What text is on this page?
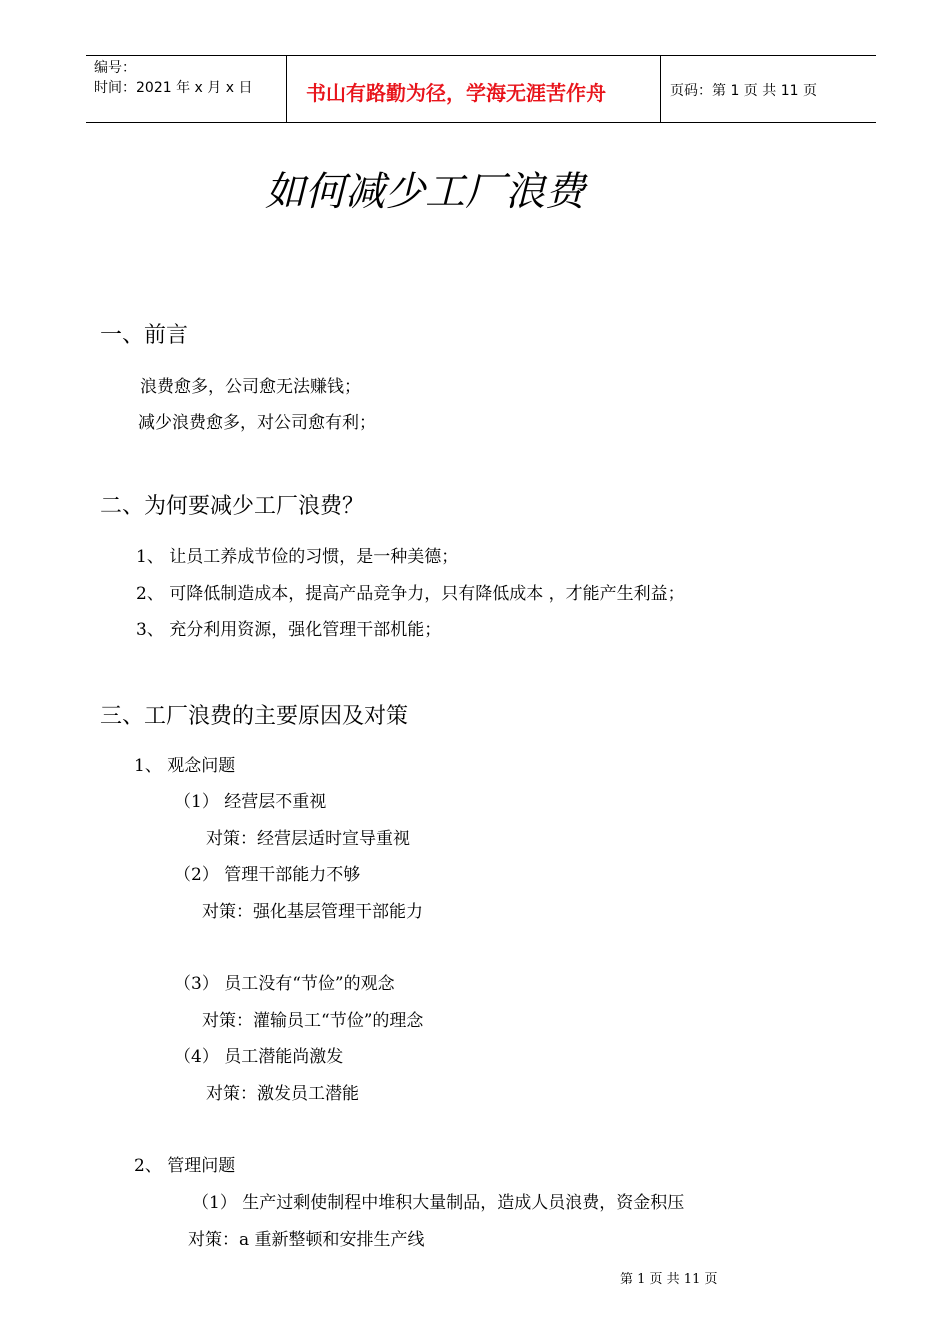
编号：
时间：2021 年 x 月 x 日	书山有路勤为径，学海无涯苦作舟	页码：第 1 页 共 11 页
如何减少工厂浪费
一、前言
浪费愈多，公司愈无法赚钱；
减少浪费愈多，对公司愈有利；
二、为何要减少工厂浪费？
1、 让员工养成节俭的习惯，是一种美德；
2、 可降低制造成本，提高产品竞争力，只有降低成本 ，才能产生利益；
3、 充分利用资源，强化管理干部机能；
三、工厂浪费的主要原因及对策
1、 观念问题
（1） 经营层不重视
对策：经营层适时宣导重视
（2） 管理干部能力不够
对策：强化基层管理干部能力
（3） 员工没有“节俭”的观念
对策：灌输员工“节俭”的理念
（4） 员工潜能尚激发
对策：激发员工潜能
2、 管理问题
（1） 生产过剩使制程中堆积大量制品，造成人员浪费，资金积压
对策：a 重新整顿和安排生产线
第 1 页 共 11 页
